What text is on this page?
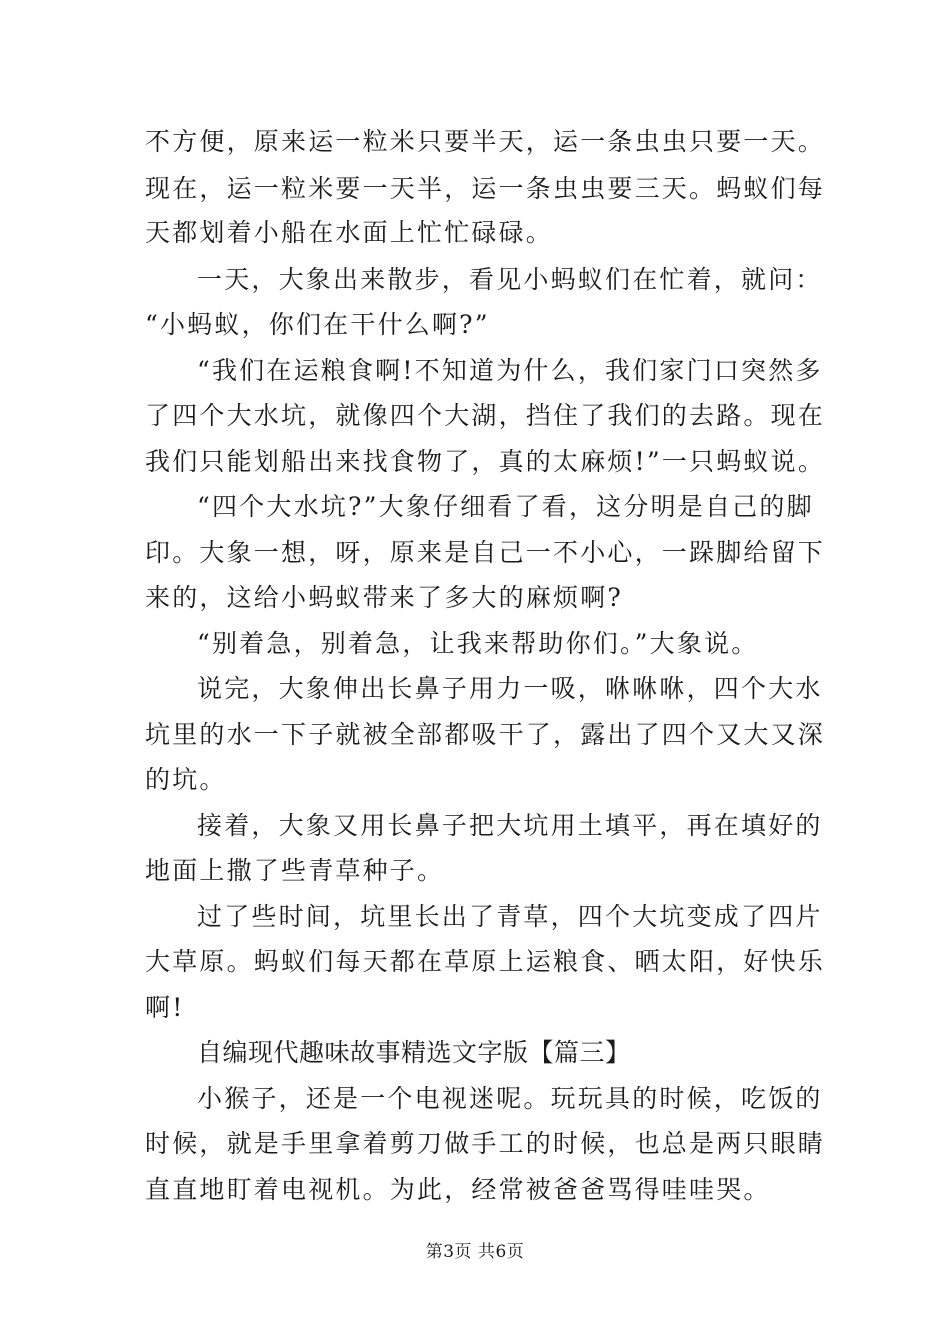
不方便，原来运一粒米只要半天，运一条虫虫只要一天。
现在，运一粒米要一天半，运一条虫虫要三天。蚂蚁们每
天都划着小船在水面上忙忙碌碌。
一天，大象出来散步，看见小蚂蚁们在忙着，就问：
“小蚂蚁，你们在干什么啊?”
“我们在运粮食啊!不知道为什么，我们家门口突然多
了四个大水坑，就像四个大湖，挡住了我们的去路。现在
我们只能划船出来找食物了，真的太麻烦!”一只蚂蚁说。
“四个大水坑?”大象仔细看了看，这分明是自己的脚
印。大象一想，呀，原来是自己一不小心，一跺脚给留下
来的，这给小蚂蚁带来了多大的麻烦啊?
“别着急，别着急，让我来帮助你们。”大象说。
说完，大象伸出长鼻子用力一吸，咻咻咻，四个大水
坑里的水一下子就被全部都吸干了，露出了四个又大又深
的坑。
接着，大象又用长鼻子把大坑用土填平，再在填好的
地面上撒了些青草种子。
过了些时间，坑里长出了青草，四个大坑变成了四片
大草原。蚂蚁们每天都在草原上运粮食、晒太阳，好快乐
啊!
自编现代趣味故事精选文字版【篇三】
小猴子，还是一个电视迷呢。玩玩具的时候，吃饭的
时候，就是手里拿着剪刀做手工的时候，也总是两只眼睛
直直地盯着电视机。为此，经常被爸爸骂得哇哇哭。
第3页 共6页
